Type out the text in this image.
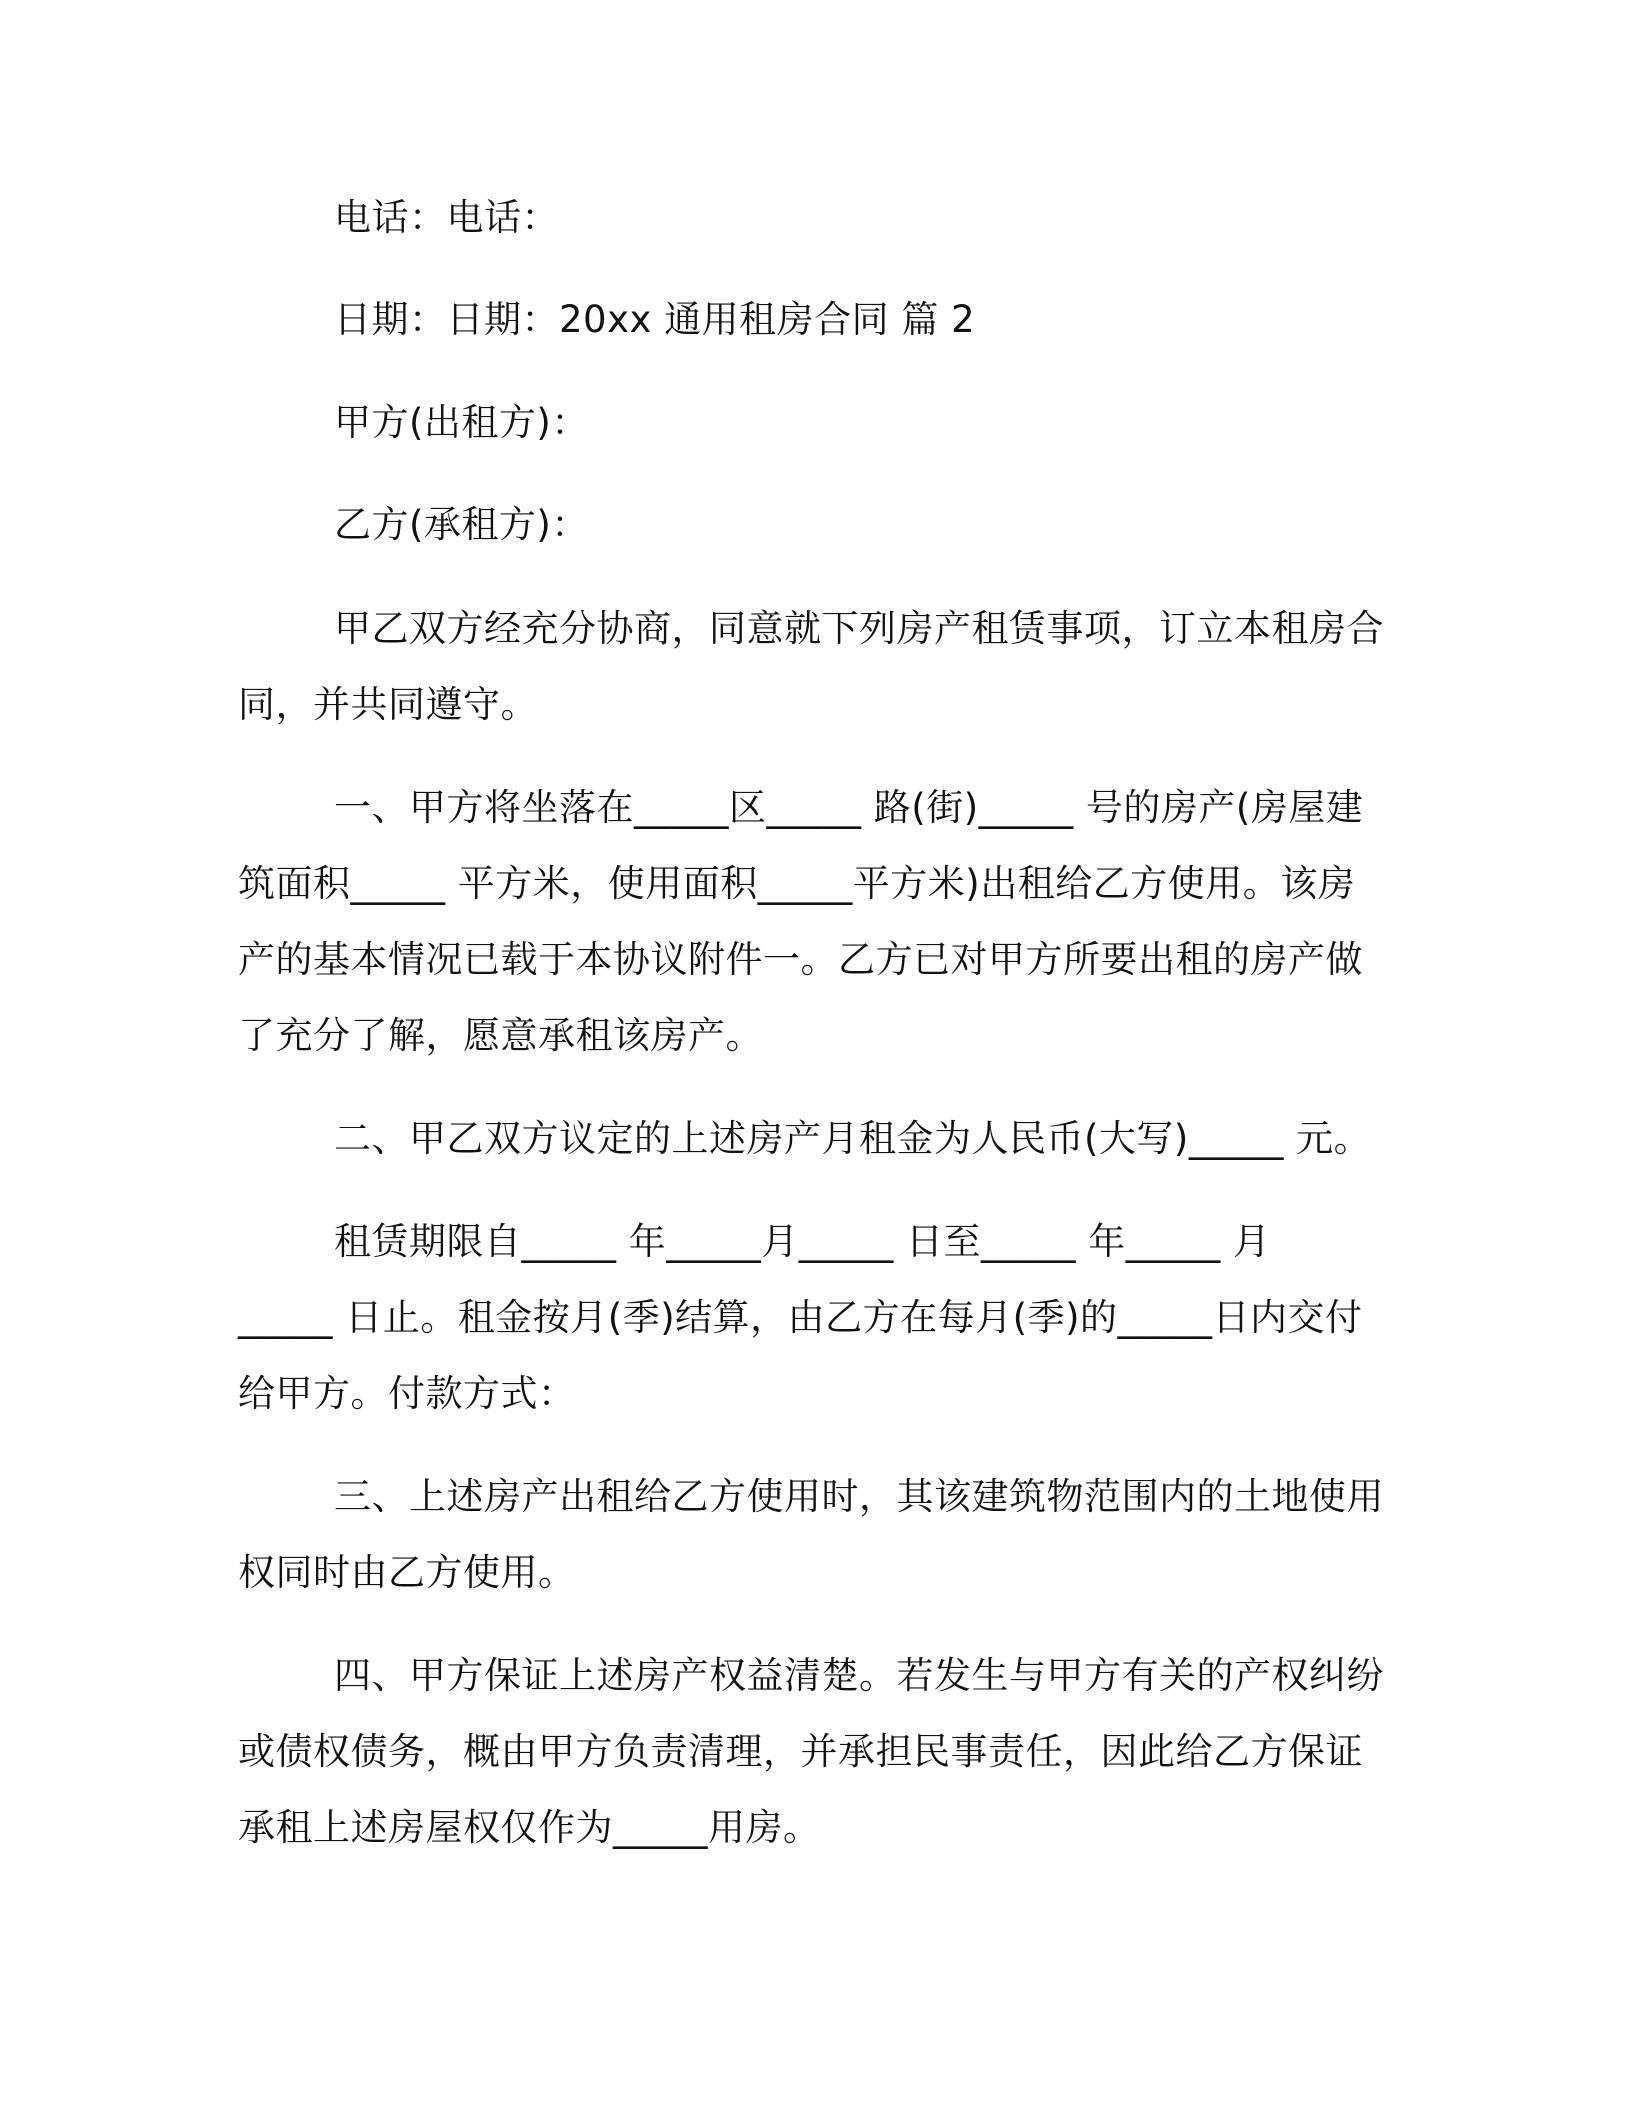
电话：电话：
日期：日期：20xx 通用租房合同 篇 2
甲方(出租方)：
乙方(承租方)：
甲乙双方经充分协商，同意就下列房产租赁事项，订立本租房合
同，并共同遵守。
一、甲方将坐落在_____区_____ 路(街)_____ 号的房产(房屋建
筑面积_____ 平方米，使用面积_____平方米)出租给乙方使用。该房
产的基本情况已载于本协议附件一。乙方已对甲方所要出租的房产做
了充分了解，愿意承租该房产。
二、甲乙双方议定的上述房产月租金为人民币(大写)_____ 元。
租赁期限自_____ 年_____月_____ 日至_____ 年_____ 月
_____ 日止。租金按月(季)结算，由乙方在每月(季)的_____日内交付
给甲方。付款方式：
三、上述房产出租给乙方使用时，其该建筑物范围内的土地使用
权同时由乙方使用。
四、甲方保证上述房产权益清楚。若发生与甲方有关的产权纠纷
或债权债务，概由甲方负责清理，并承担民事责任，因此给乙方保证
承租上述房屋权仅作为_____用房。
